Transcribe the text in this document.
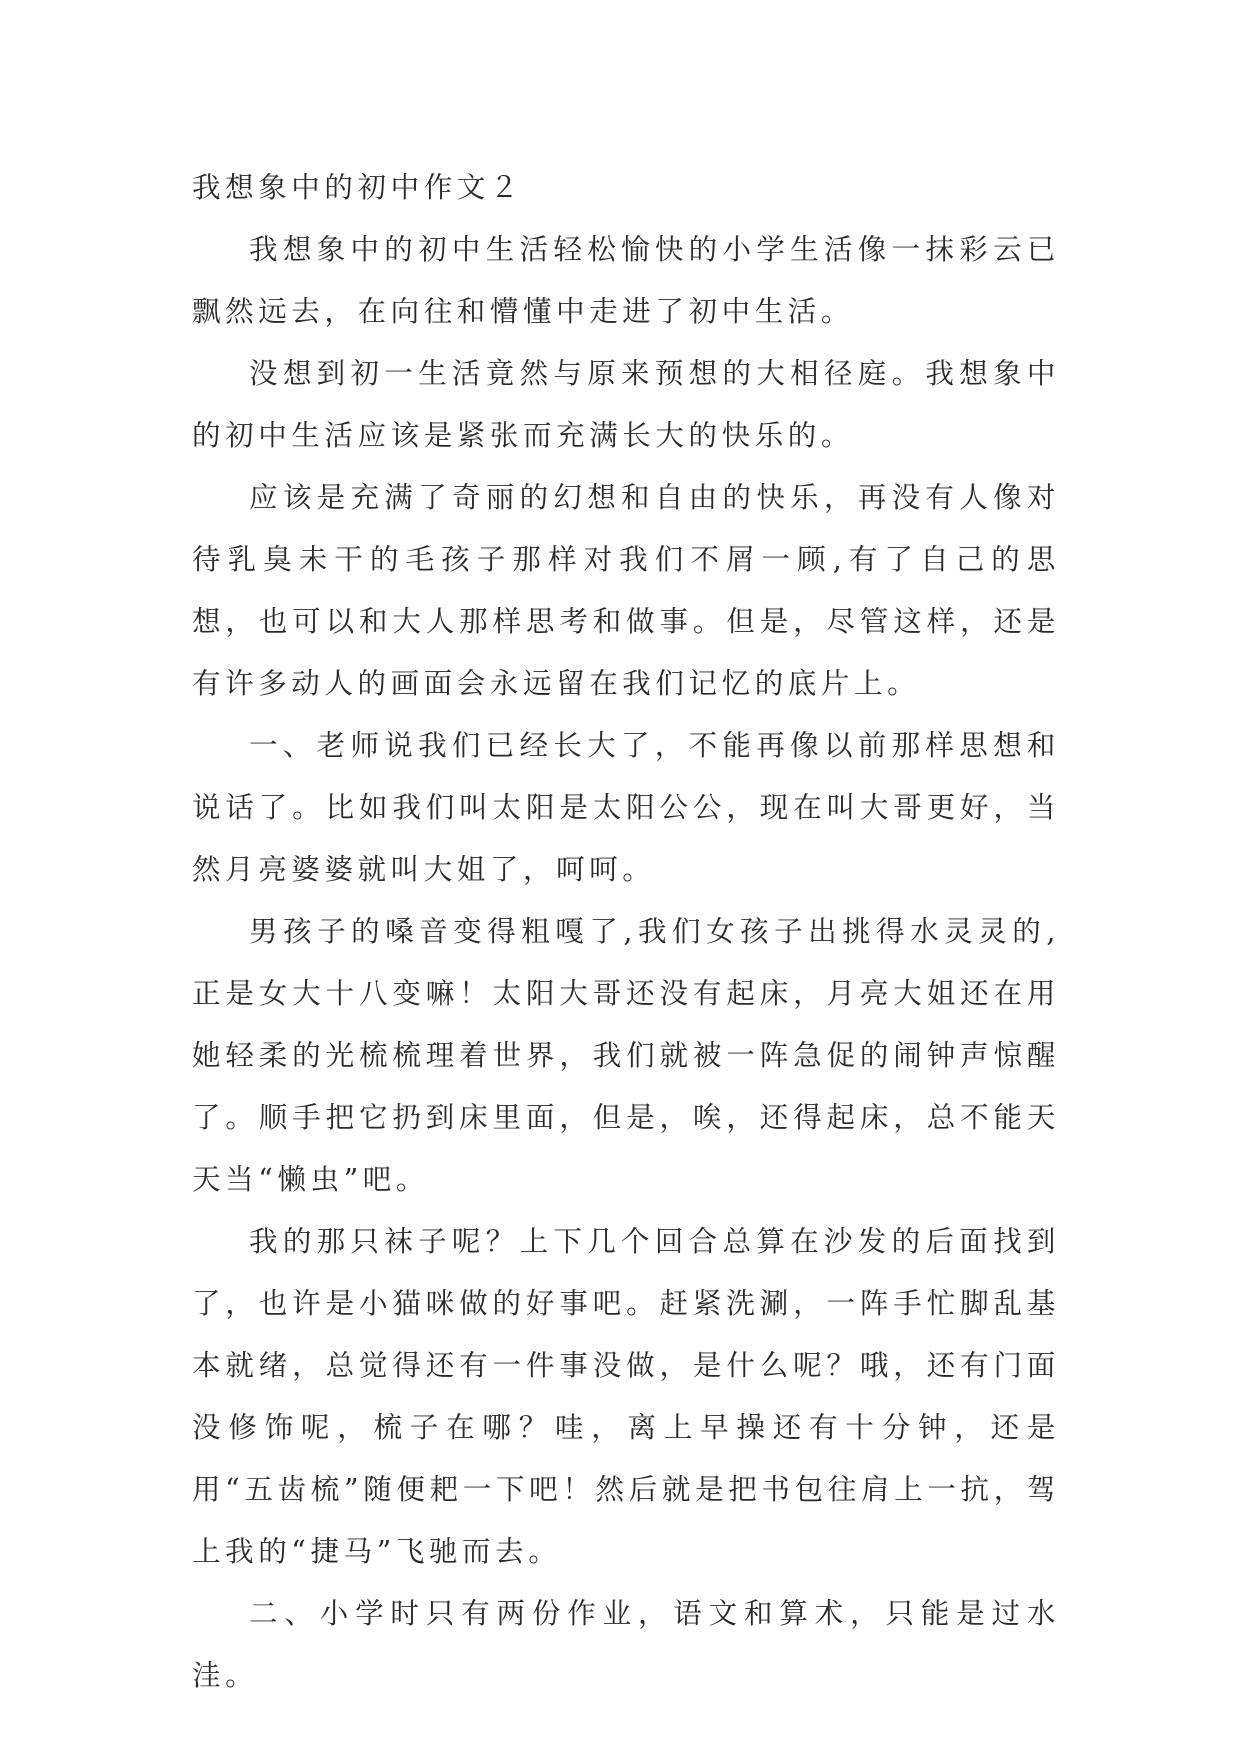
我想象中的初中作文２

我想象中的初中生活轻松愉快的小学生活像一抹彩云已飘然远去，在向往和懵懂中走进了初中生活。

没想到初一生活竟然与原来预想的大相径庭。我想象中的初中生活应该是紧张而充满长大的快乐的。

应该是充满了奇丽的幻想和自由的快乐，再没有人像对待乳臭未干的毛孩子那样对我们不屑一顾,有了自己的思想，也可以和大人那样思考和做事。但是，尽管这样，还是有许多动人的画面会永远留在我们记忆的底片上。

一、老师说我们已经长大了，不能再像以前那样思想和说话了。比如我们叫太阳是太阳公公，现在叫大哥更好，当然月亮婆婆就叫大姐了，呵呵。

男孩子的嗓音变得粗嘎了,我们女孩子出挑得水灵灵的,正是女大十八变嘛！太阳大哥还没有起床，月亮大姐还在用她轻柔的光梳梳理着世界，我们就被一阵急促的闹钟声惊醒了。顺手把它扔到床里面，但是，唉，还得起床，总不能天天当“懒虫”吧。

我的那只袜子呢？上下几个回合总算在沙发的后面找到了，也许是小猫咪做的好事吧。赶紧洗涮，一阵手忙脚乱基本就绪，总觉得还有一件事没做，是什么呢？哦，还有门面没修饰呢，梳子在哪？哇，离上早操还有十分钟，还是用“五齿梳”随便耙一下吧！然后就是把书包往肩上一抗，驾上我的“捷马”飞驰而去。

二、小学时只有两份作业，语文和算术，只能是过水洼。
